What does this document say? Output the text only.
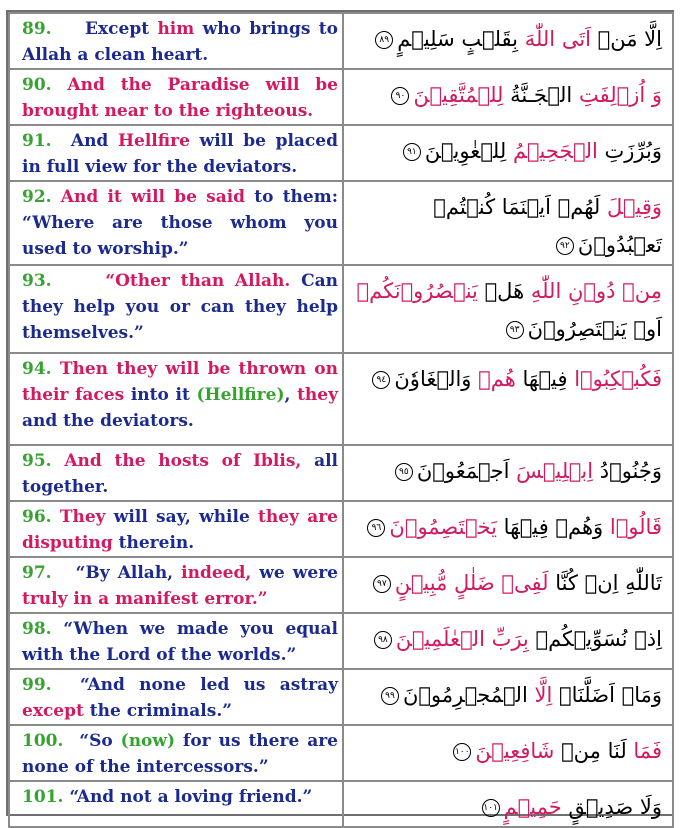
89.    Except him who brings to Allah a clean heart.	اِلَّا مَنۡ اَتَى اللّٰهَ بِقَلۡبٍ سَلِيۡمٍ٨٩
90. And the Paradise will be brought near to the righteous.	وَ اُزۡلِفَتِ الۡجَـنَّةُ لِلۡمُتَّقِيۡنَ٩٠
91.  And Hellfire will be placed in full view for the deviators.	وَبُرِّزَتِ الۡجَحِيۡمُ لِلۡغٰوِيۡنَ٩١
92. And it will be said to them: “Where are those whom you used to worship.”	وَقِيۡلَ لَهُمۡ اَيۡنَمَا كُنۡتُمۡ تَعۡبُدُوۡنَ٩٢
93.     “Other than Allah. Can they help you or can they help themselves.”	مِنۡ دُوۡنِ اللّٰهِ هَلۡ يَنۡصُرُوۡنَكُمۡ اَوۡ يَنۡتَصِرُوۡنَ٩٣
94. Then they will be thrown on their faces into it (Hellfire), they and the deviators.	فَكُبۡكِبُوۡا فِيۡهَا هُمۡ وَالۡغَاوٗنَ٩٤
95. And the hosts of Iblis, all together.	وَجُنُوۡدُ اِبۡلِيۡسَ اَجۡمَعُوۡنَ٩٥
96. They will say, while they are disputing therein.	قَالُوۡا وَهُمۡ فِيۡهَا يَخۡتَصِمُوۡنَ٩٦
97.   “By Allah, indeed, we were truly in a manifest error.”	تَاللّٰهِ اِنۡ كُنَّا لَفِىۡ ضَلٰلٍ مُّبِيۡنٍ٩٧
98. “When we made you equal with the Lord of the worlds.”	اِذۡ نُسَوِّيۡكُمۡ بِرَبِّ الۡعٰلَمِيۡنَ٩٨
99.  “And none led us astray except the criminals.”	وَمَاۤ اَضَلَّنَاۤ اِلَّا الۡمُجۡرِمُوۡنَ٩٩
100.  “So (now) for us there are none of the intercessors.”	فَمَا لَنَا مِنۡ شَافِعِيۡنَ١٠٠
101. “And not a loving friend.”	وَلَا صَدِيۡقٍ حَمِيۡمٍ١٠١
